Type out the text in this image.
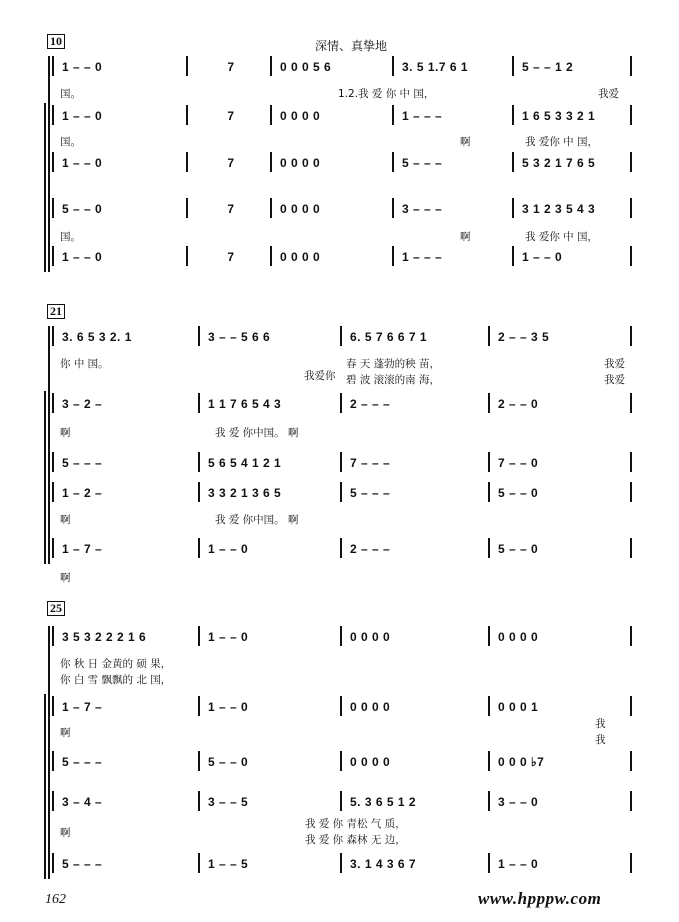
10	深情、真挚地
1 – – 0	7	0 0 0 5 6	3. 5 1.7 6 1	5 – – 1 2
国。	1.2.我 爱 你 中 国，	我爱
1 – – 0	7	0 0 0 0	1 – – –	1 6 5 3 3 2 1
国。	啊	我 爱你 中 国，
1 – – 0	7	0 0 0 0	5 – – –	5 3 2 1 7 6 5
5 – – 0	7	0 0 0 0	3 – – –	3 1 2 3 5 4 3
国。	啊	我 爱你 中 国，
1 – – 0	7	0 0 0 0	1 – – –	1 – – 0
3. 6 5 3 2. 1	3 – – 5 6 6	6. 5 7 6 6 7 1	2 – – 3 5
你 中 国。
我爱你
春 天 蓬勃的秧 苗，
碧 波 滚滚的南 海，
我爱
我爱
3 – 2 –	1 1 7 6 5 4 3	2 – – –	2 – – 0
啊	我 爱 你中国。 啊
5 – – –	5 6 5 4 1 2 1	7 – – –	7 – – 0
1 – 2 –	3 3 2 1 3 6 5	5 – – –	5 – – 0
啊	我 爱 你中国。 啊
1 – 7 –	1 – – 0	2 – – –	5 – – 0
啊
3 5 3 2 2 2 1 6	1 – – 0	0 0 0 0	0 0 0 0
你 秋 日 金黄的 硕 果，
你 白 雪 飘飘的 北 国，
1 – 7 –	1 – – 0	0 0 0 0	0 0 0 1
啊
我
我
5 – – –	5 – – 0	0 0 0 0	0 0 0 ♭7
3 – 4 –	3 – – 5	5. 3 6 5 1 2	3 – – 0
啊
我 爱 你 青松 气 质，
我 爱 你 森林 无 边，
5 – – –	1 – – 5	3. 1 4 3 6 7	1 – – 0
21
25
162	www.hpppw.com
